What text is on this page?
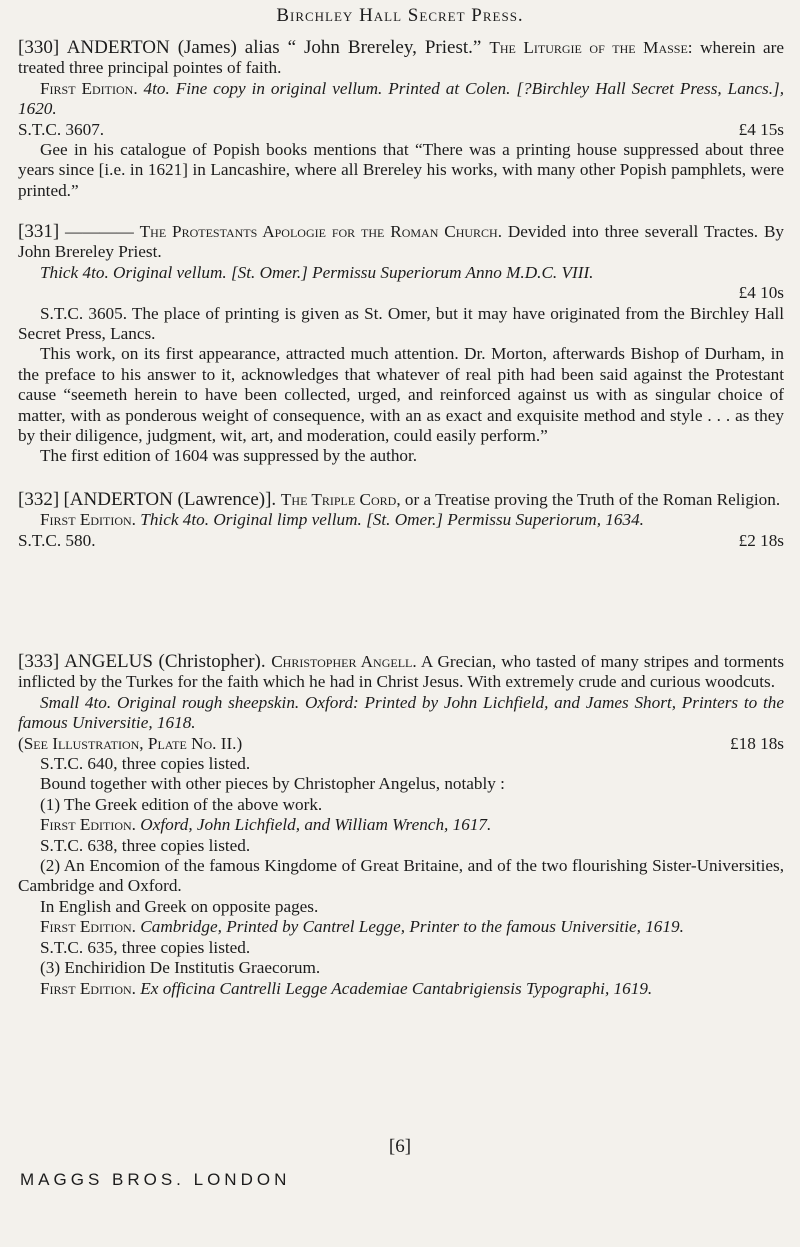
Birchley Hall Secret Press.

[330] ANDERTON (James) alias “ John Brereley, Priest.” The Liturgie of the Masse: wherein are treated three principal pointes of faith.

First Edition. 4to. Fine copy in original vellum. Printed at Colen. [?Birchley Hall Secret Press, Lancs.], 1620.

S.T.C. 3607.	£4 15s

Gee in his catalogue of Popish books mentions that “There was a printing house suppressed about three years since [i.e. in 1621] in Lancashire, where all Brereley his works, with many other Popish pamphlets, were printed.”

[331] ———— The Protestants Apologie for the Roman Church. Devided into three severall Tractes. By John Brereley Priest.

Thick 4to. Original vellum. [St. Omer.] Permissu Superiorum Anno M.D.C. VIII.

£4 10s

S.T.C. 3605. The place of printing is given as St. Omer, but it may have originated from the Birchley Hall Secret Press, Lancs.

This work, on its first appearance, attracted much attention. Dr. Morton, afterwards Bishop of Durham, in the preface to his answer to it, acknowledges that whatever of real pith had been said against the Protestant cause “seemeth herein to have been collected, urged, and reinforced against us with as singular choice of matter, with as ponderous weight of consequence, with an as exact and exquisite method and style . . . as they by their diligence, judgment, wit, art, and moderation, could easily perform.”

The first edition of 1604 was suppressed by the author.

[332] [ANDERTON (Lawrence)]. The Triple Cord, or a Treatise proving the Truth of the Roman Religion.

First Edition. Thick 4to. Original limp vellum. [St. Omer.] Permissu Superiorum, 1634.

S.T.C. 580.	£2 18s

[333] ANGELUS (Christopher). Christopher Angell. A Grecian, who tasted of many stripes and torments inflicted by the Turkes for the faith which he had in Christ Jesus. With extremely crude and curious woodcuts.

Small 4to. Original rough sheepskin. Oxford: Printed by John Lichfield, and James Short, Printers to the famous Universitie, 1618.

(See Illustration, Plate No. II.)	£18 18s

S.T.C. 640, three copies listed.

Bound together with other pieces by Christopher Angelus, notably :

(1) The Greek edition of the above work.

First Edition. Oxford, John Lichfield, and William Wrench, 1617.

S.T.C. 638, three copies listed.

(2) An Encomion of the famous Kingdome of Great Britaine, and of the two flourishing Sister-Universities, Cambridge and Oxford.

In English and Greek on opposite pages.

First Edition. Cambridge, Printed by Cantrel Legge, Printer to the famous Universitie, 1619.

S.T.C. 635, three copies listed.

(3) Enchiridion De Institutis Graecorum.

First Edition. Ex officina Cantrelli Legge Academiae Cantabrigiensis Typographi, 1619.

[6]
MAGGS BROS. LONDON
